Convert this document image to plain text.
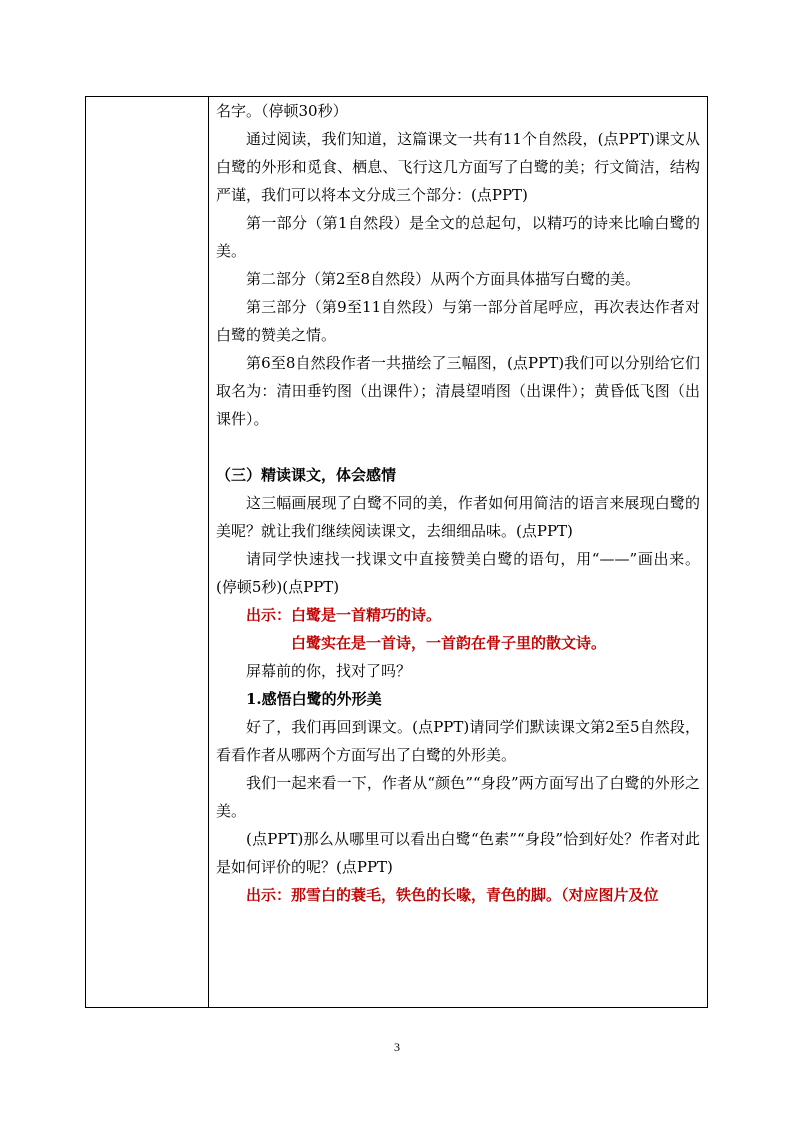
名字。（停顿30秒）

通过阅读，我们知道，这篇课文一共有11个自然段，(点PPT)课文从白鹭的外形和觅食、栖息、飞行这几方面写了白鹭的美；行文简洁，结构严谨，我们可以将本文分成三个部分：(点PPT)

第一部分（第1自然段）是全文的总起句，以精巧的诗来比喻白鹭的美。

第二部分（第2至8自然段）从两个方面具体描写白鹭的美。

第三部分（第9至11自然段）与第一部分首尾呼应，再次表达作者对白鹭的赞美之情。

第6至8自然段作者一共描绘了三幅图，(点PPT)我们可以分别给它们取名为：清田垂钓图（出课件）；清晨望哨图（出课件）；黄昏低飞图（出课件）。

（三）精读课文，体会感情

这三幅画展现了白鹭不同的美，作者如何用简洁的语言来展现白鹭的美呢？就让我们继续阅读课文，去细细品味。(点PPT)

请同学快速找一找课文中直接赞美白鹭的语句，用“——”画出来。(停顿5秒)(点PPT)

出示：白鹭是一首精巧的诗。

白鹭实在是一首诗，一首韵在骨子里的散文诗。

屏幕前的你，找对了吗？

1.感悟白鹭的外形美

好了，我们再回到课文。(点PPT)请同学们默读课文第2至5自然段，看看作者从哪两个方面写出了白鹭的外形美。

我们一起来看一下，作者从“颜色”“身段”两方面写出了白鹭的外形之美。

(点PPT)那么从哪里可以看出白鹭“色素”“身段”恰到好处？作者对此是如何评价的呢？(点PPT)

出示：那雪白的蓑毛，铁色的长喙，青色的脚。（对应图片及位

3
